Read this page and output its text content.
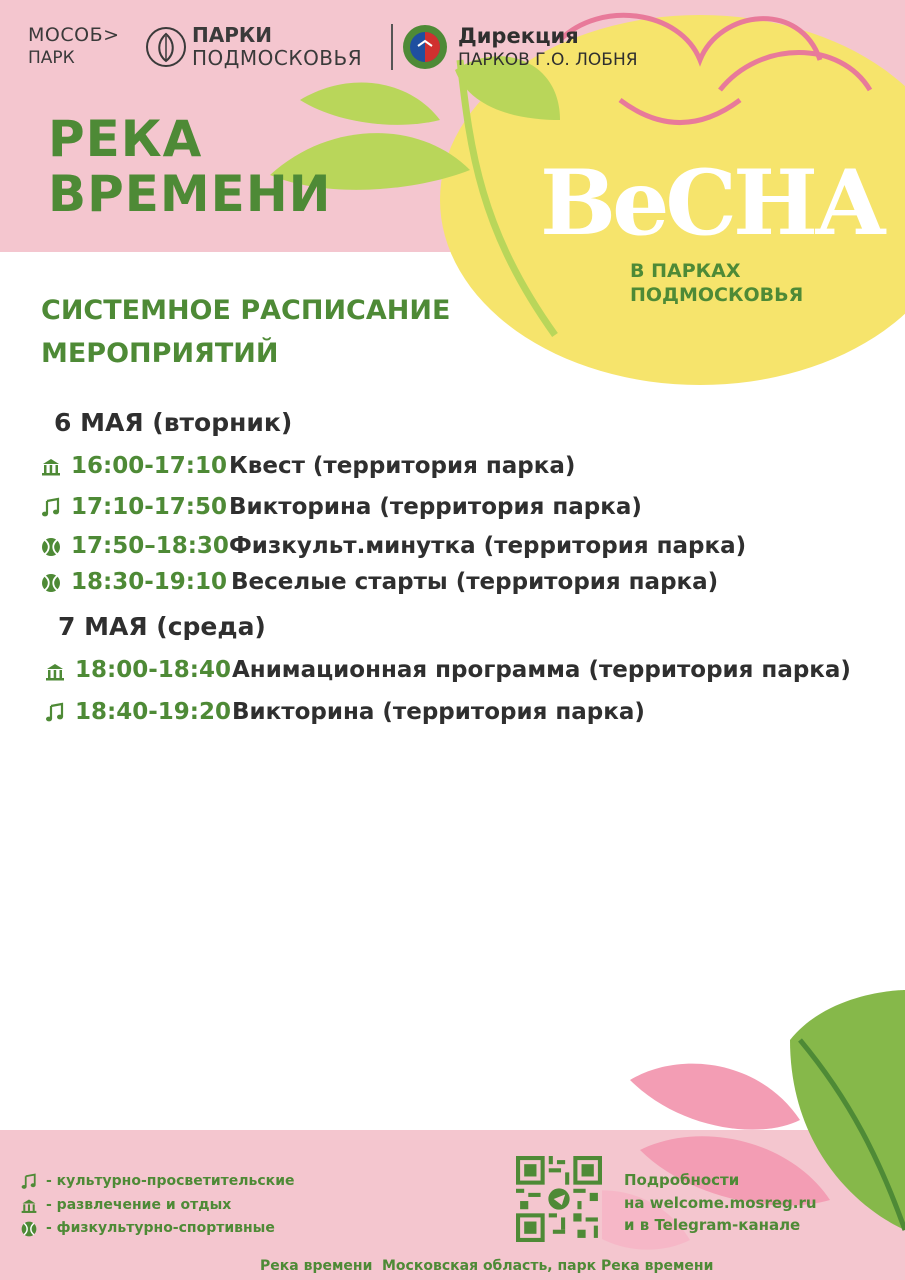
МОСОБ>
ПАРК
ПАРКИ
ПОДМОСКОВЬЯ
Дирекция
ПАРКОВ Г.О. ЛОБНЯ
РЕКА
ВРЕМЕНИ ВеСНА
В ПАРКАХ
ПОДМОСКОВЬЯ
СИСТЕМНОЕ РАСПИСАНИЕ
МЕРОПРИЯТИЙ
6 МАЯ (вторник)
16:00-17:10 Квест (территория парка)
17:10-17:50 Викторина (территория парка)
17:50–18:30 Физкульт.минутка (территория парка)
18:30-19:10 Веселые старты (территория парка)
7 МАЯ (среда)
18:00-18:40 Анимационная программа (территория парка)
18:40-19:20 Викторина (территория парка)
- культурно-просветительские
- развлечение и отдых
- физкультурно-спортивные
Подробности
на welcome.mosreg.ru
и в Telegram-канале
Река времени Московская область, парк Река времени
